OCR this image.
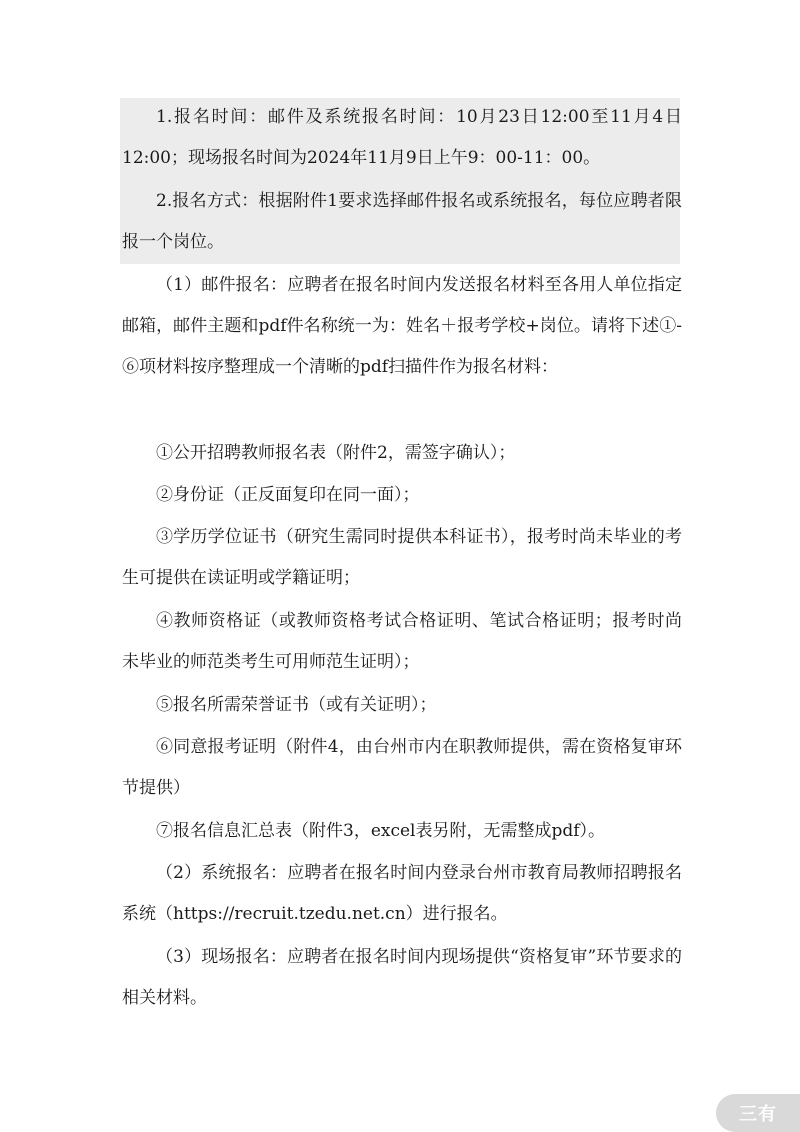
1.报名时间：邮件及系统报名时间：10月23日12:00至11月4日12:00；现场报名时间为2024年11月9日上午9：00-11：00。

2.报名方式：根据附件1要求选择邮件报名或系统报名，每位应聘者限报一个岗位。

（1）邮件报名：应聘者在报名时间内发送报名材料至各用人单位指定邮箱，邮件主题和pdf件名称统一为：姓名＋报考学校+岗位。请将下述①-⑥项材料按序整理成一个清晰的pdf扫描件作为报名材料：

①公开招聘教师报名表（附件2，需签字确认）；

②身份证（正反面复印在同一面）；

③学历学位证书（研究生需同时提供本科证书），报考时尚未毕业的考生可提供在读证明或学籍证明；

④教师资格证（或教师资格考试合格证明、笔试合格证明；报考时尚未毕业的师范类考生可用师范生证明）；

⑤报名所需荣誉证书（或有关证明）；

⑥同意报考证明（附件4，由台州市内在职教师提供，需在资格复审环节提供）

⑦报名信息汇总表（附件3，excel表另附，无需整成pdf）。

（2）系统报名：应聘者在报名时间内登录台州市教育局教师招聘报名系统（https://recruit.tzedu.net.cn）进行报名。

（3）现场报名：应聘者在报名时间内现场提供“资格复审”环节要求的相关材料。

三有
